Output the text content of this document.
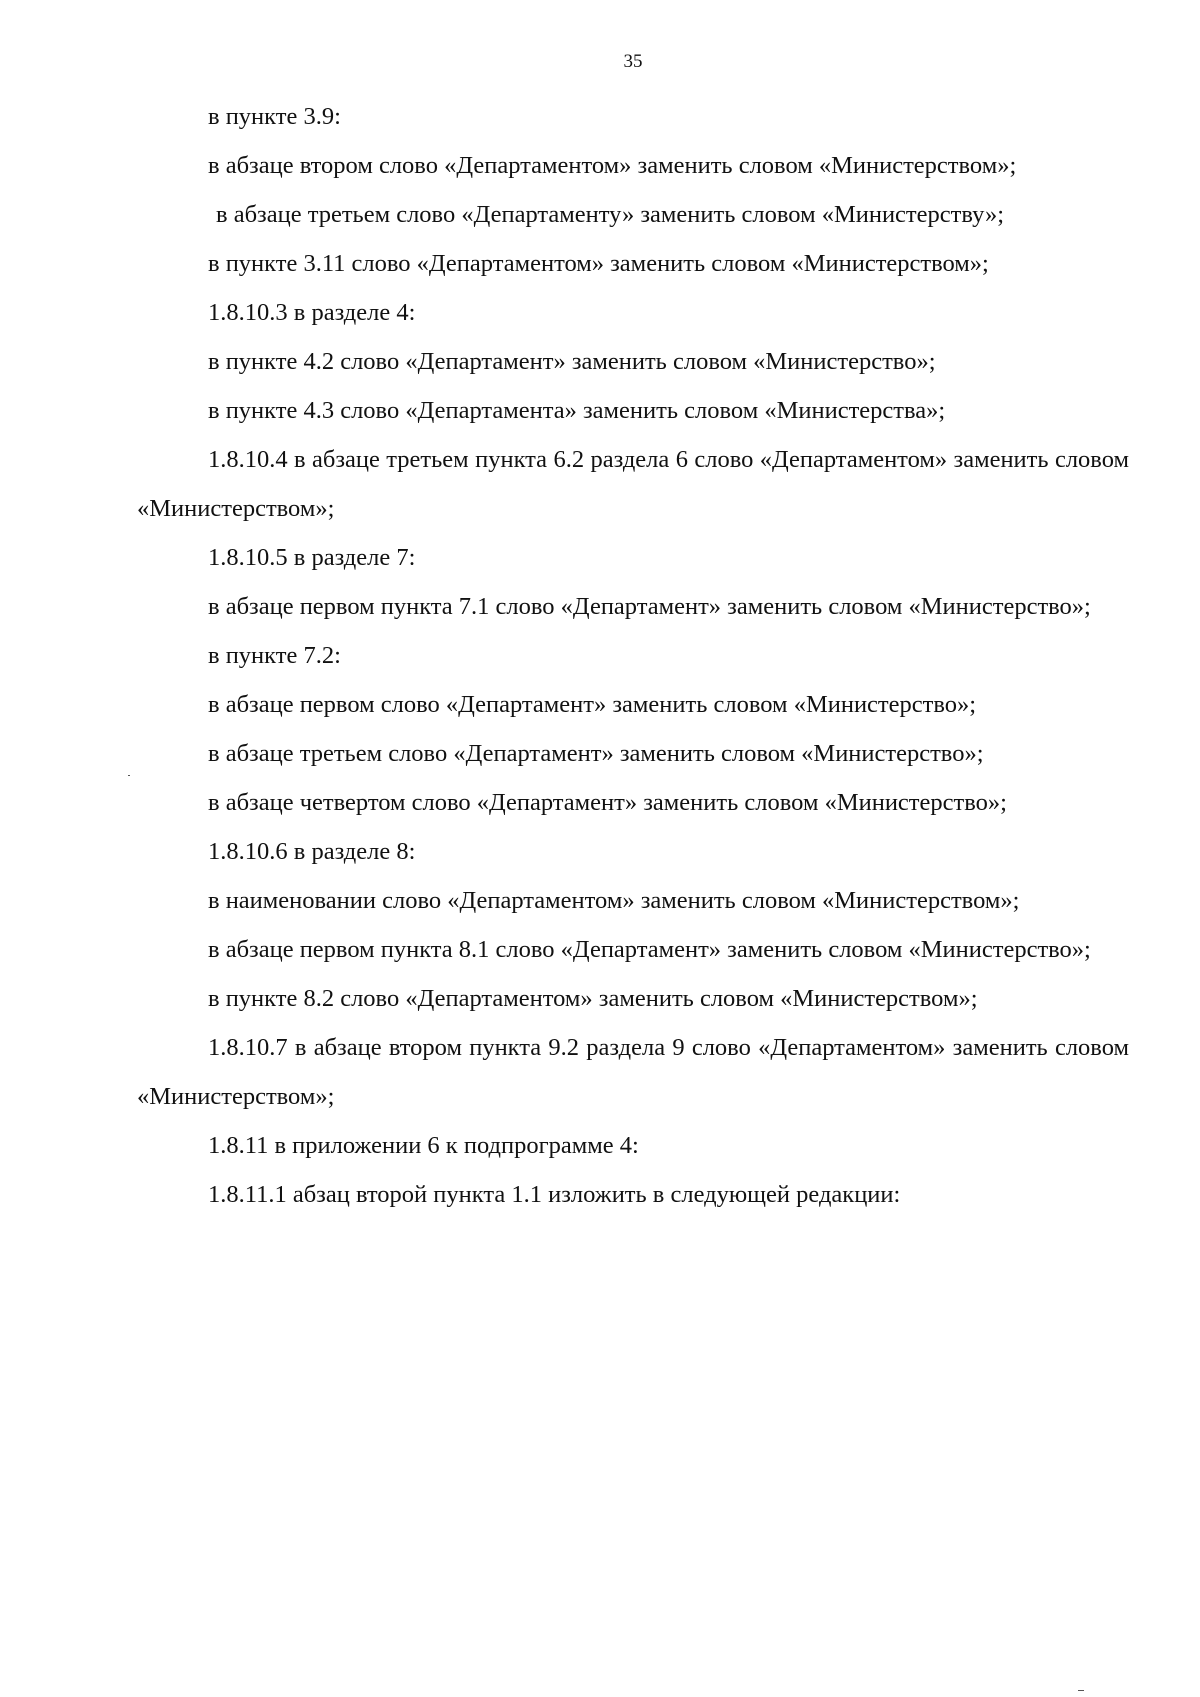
35

в пункте 3.9:

в абзаце втором слово «Департаментом» заменить словом «Министерством»;

в абзаце третьем слово «Департаменту» заменить словом «Министерству»;

в пункте 3.11 слово «Департаментом» заменить словом «Министерством»;

1.8.10.3 в разделе 4:

в пункте 4.2 слово «Департамент» заменить словом «Министерство»;

в пункте 4.3 слово «Департамента» заменить словом «Министерства»;

1.8.10.4 в абзаце третьем пункта 6.2 раздела 6 слово «Департаментом» заменить словом «Министерством»;

1.8.10.5 в разделе 7:

в абзаце первом пункта 7.1 слово «Департамент» заменить словом «Министерство»;

в пункте 7.2:

в абзаце первом слово «Департамент» заменить словом «Министерство»;

в абзаце третьем слово «Департамент» заменить словом «Министерство»;

в абзаце четвертом слово «Департамент» заменить словом «Министерство»;

1.8.10.6 в разделе 8:

в наименовании слово «Департаментом» заменить словом «Министерством»;

в абзаце первом пункта 8.1 слово «Департамент» заменить словом «Министерство»;

в пункте 8.2 слово «Департаментом» заменить словом «Министерством»;

1.8.10.7 в абзаце втором пункта 9.2 раздела 9 слово «Департаментом» заменить словом «Министерством»;

1.8.11 в приложении 6 к подпрограмме 4:

1.8.11.1 абзац второй пункта 1.1 изложить в следующей редакции:
